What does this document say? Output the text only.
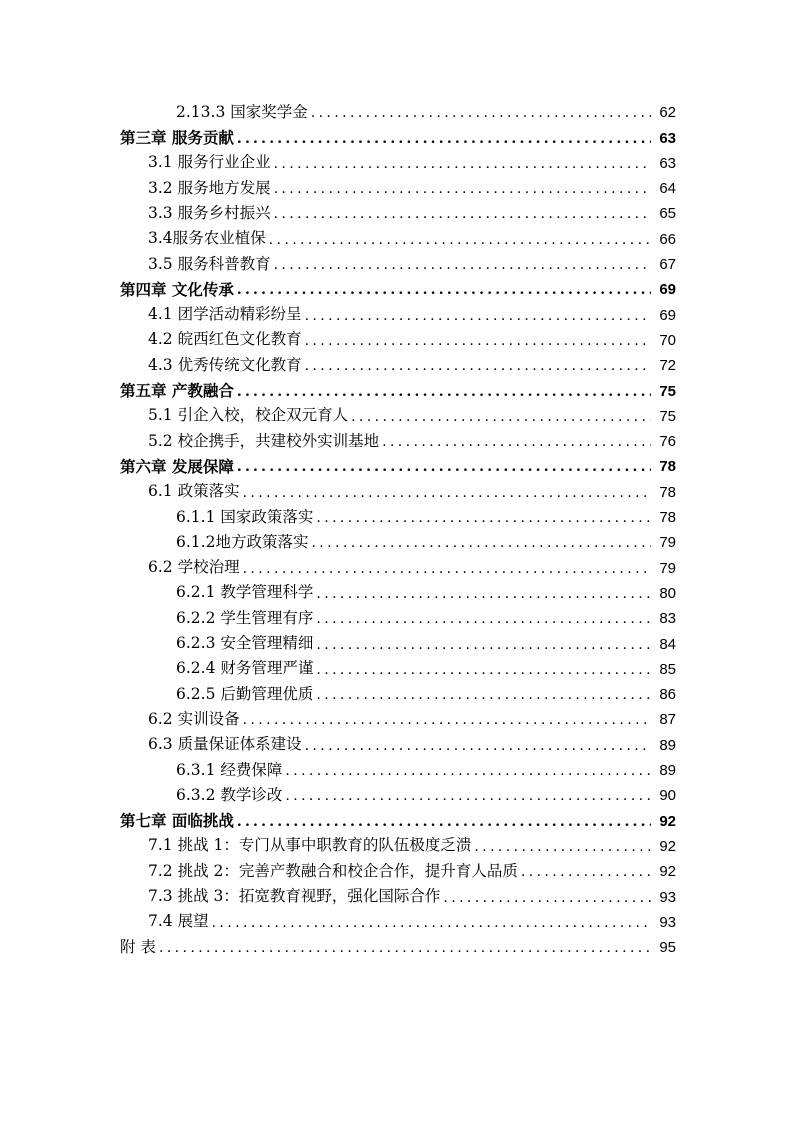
2.13.3 国家奖学金 .....	62
第三章 服务贡献 .....	63
3.1 服务行业企业 .....	63
3.2 服务地方发展 .....	64
3.3 服务乡村振兴 .....	65
3.4服务农业植保 .....	66
3.5 服务科普教育 .....	67
第四章 文化传承 .....	69
4.1 团学活动精彩纷呈 .....	69
4.2 皖西红色文化教育 .....	70
4.3 优秀传统文化教育 .....	72
第五章 产教融合 .....	75
5.1 引企入校，校企双元育人 .....	75
5.2 校企携手，共建校外实训基地 .....	76
第六章 发展保障 .....	78
6.1 政策落实 .....	78
6.1.1 国家政策落实 .....	78
6.1.2地方政策落实 .....	79
6.2 学校治理 .....	79
6.2.1 教学管理科学 .....	80
6.2.2 学生管理有序 .....	83
6.2.3 安全管理精细 .....	84
6.2.4 财务管理严谨 .....	85
6.2.5 后勤管理优质 .....	86
6.2 实训设备 .....	87
6.3 质量保证体系建设 .....	89
6.3.1 经费保障 .....	89
6.3.2 教学诊改 .....	90
第七章 面临挑战 .....	92
7.1 挑战 1：专门从事中职教育的队伍极度乏溃 .....	92
7.2 挑战 2：完善产教融合和校企合作，提升育人品质 .....	92
7.3 挑战 3：拓宽教育视野，强化国际合作 .....	93
7.4 展望 .....	93
附 表 .....	95
